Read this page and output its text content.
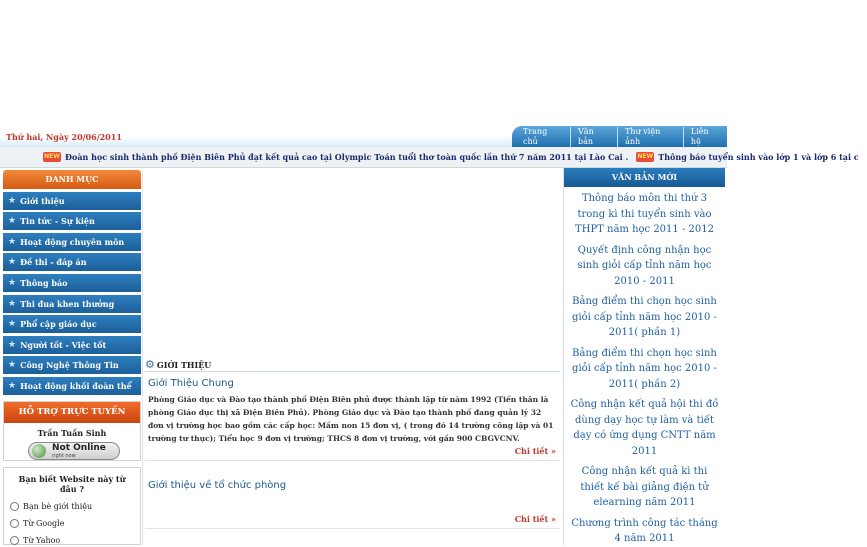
Thứ hai, Ngày 20/06/2011
Trang chủ
Văn bản
Thư viện ảnh
Liên hệ
NEW Đoàn học sinh thành phố Điện Biên Phủ đạt kết quả cao tại Olympic Toán tuổi thơ toàn quốc lần thứ 7 năm 2011 tại Lào Cai . NEW Thông báo tuyển sinh vào lớp 1 và lớp 6 tại c
DANH MỤC
★ Giới thiệu
★ Tin tức - Sự kiện
★ Hoạt động chuyên môn
★ Đề thi - đáp án
★ Thông báo
★ Thi đua khen thưởng
★ Phổ cập giáo dục
★ Người tốt - Việc tốt
★ Công Nghệ Thông Tin
★ Hoạt động khối đoàn thể
HỖ TRỢ TRỰC TUYẾN
Trần Tuấn Sinh
Not Online
right now
Bạn biết Website này từ đâu ?
Bạn bè giới thiệu
Từ Google
Từ Yahoo
⚙ GIỚI THIỆU
Giới Thiệu Chung
Phòng Giáo dục và Đào tạo thành phố Điện Biên phủ được thành lập từ năm 1992 (Tiền thân là phòng Giáo dục thị xã Điện Biên Phủ). Phòng Giáo dục và Đào tạo thành phố đang quản lý 32 đơn vị trường học bao gồm các cấp học: Mầm non 15 đơn vị, ( trong đó 14 trường công lập và 01 trường tư thục); Tiểu học 9 đơn vị trường; THCS 8 đơn vị trường, với gần 900 CBGVCNV.
Chi tiết »
Giới thiệu về tổ chức phòng
Chi tiết »
VĂN BẢN MỚI
Thông báo môn thi thứ 3 trong kì thi tuyển sinh vào THPT năm học 2011 - 2012
Quyết định công nhận học sinh giỏi cấp tỉnh năm học 2010 - 2011
Bảng điểm thi chọn học sinh giỏi cấp tỉnh năm học 2010 - 2011( phần 1)
Bảng điểm thi chọn học sinh giỏi cấp tỉnh năm học 2010 - 2011( phần 2)
Công nhận kết quả hội thi đồ dùng dạy học tự làm và tiết dạy có ứng dụng CNTT năm 2011
Công nhận kết quả kì thi thiết kế bài giảng điện tử elearning năm 2011
Chương trình công tác tháng 4 năm 2011
